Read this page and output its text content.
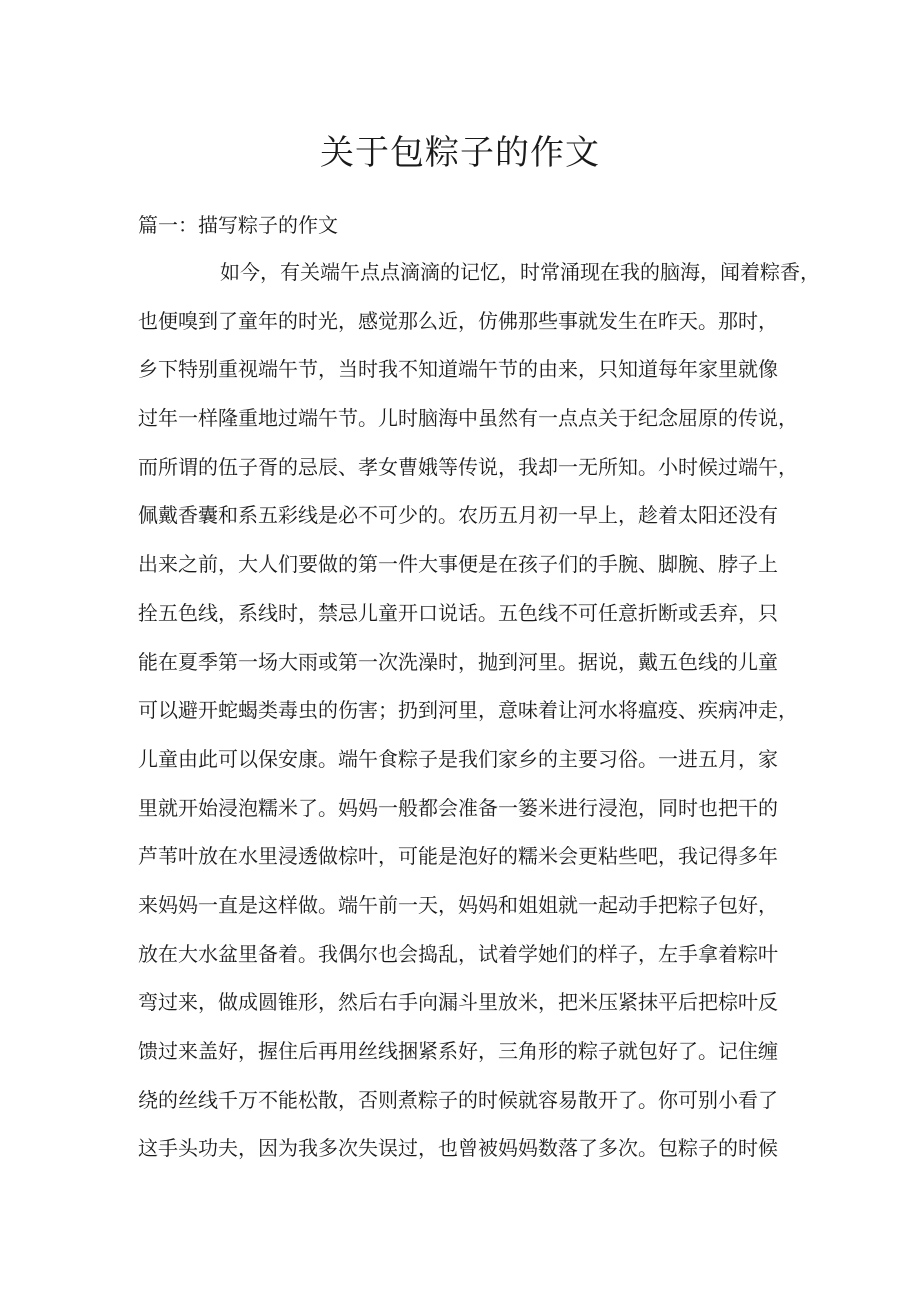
关于包粽子的作文
篇一：描写粽子的作文
如今，有关端午点点滴滴的记忆，时常涌现在我的脑海，闻着粽香，
也便嗅到了童年的时光，感觉那么近，仿佛那些事就发生在昨天。那时，
乡下特别重视端午节，当时我不知道端午节的由来，只知道每年家里就像
过年一样隆重地过端午节。儿时脑海中虽然有一点点关于纪念屈原的传说，
而所谓的伍子胥的忌辰、孝女曹娥等传说，我却一无所知。小时候过端午，
佩戴香囊和系五彩线是必不可少的。农历五月初一早上，趁着太阳还没有
出来之前，大人们要做的第一件大事便是在孩子们的手腕、脚腕、脖子上
拴五色线，系线时，禁忌儿童开口说话。五色线不可任意折断或丢弃，只
能在夏季第一场大雨或第一次洗澡时，抛到河里。据说，戴五色线的儿童
可以避开蛇蝎类毒虫的伤害；扔到河里，意味着让河水将瘟疫、疾病冲走，
儿童由此可以保安康。端午食粽子是我们家乡的主要习俗。一进五月，家
里就开始浸泡糯米了。妈妈一般都会准备一篓米进行浸泡，同时也把干的
芦苇叶放在水里浸透做棕叶，可能是泡好的糯米会更粘些吧，我记得多年
来妈妈一直是这样做。端午前一天，妈妈和姐姐就一起动手把粽子包好，
放在大水盆里备着。我偶尔也会捣乱，试着学她们的样子，左手拿着粽叶
弯过来，做成圆锥形，然后右手向漏斗里放米，把米压紧抹平后把棕叶反
馈过来盖好，握住后再用丝线捆紧系好，三角形的粽子就包好了。记住缠
绕的丝线千万不能松散，否则煮粽子的时候就容易散开了。你可别小看了
这手头功夫，因为我多次失误过，也曾被妈妈数落了多次。包粽子的时候
